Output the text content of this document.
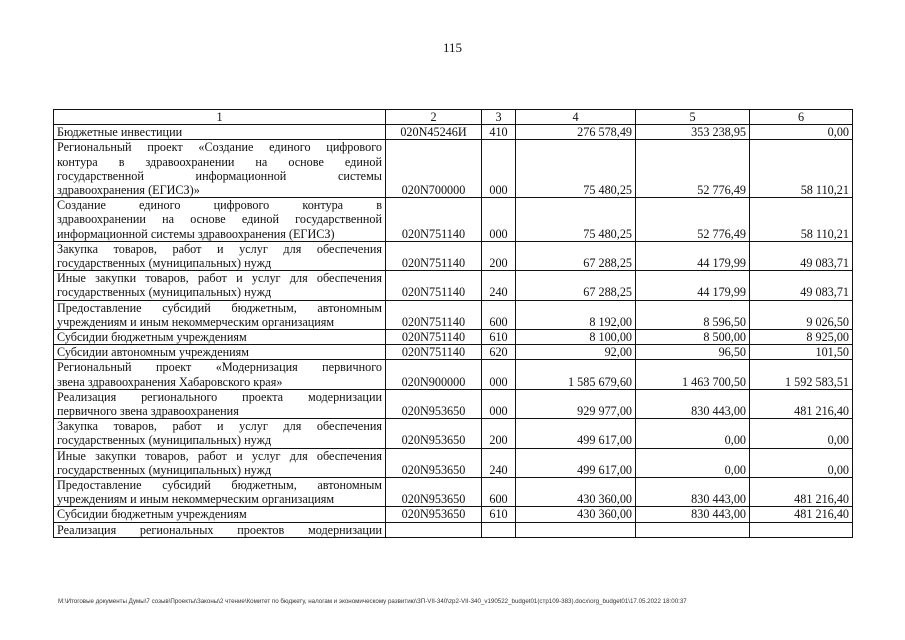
115
1	2	3	4	5	6

Бюджетные инвестиции	020N45246И	410	276 578,49	353 238,95	0,00

Региональный проект «Создание единого цифрового
контура в здравоохранении на основе единой
государственной информационной системы
здравоохранения (ЕГИСЗ)»	020N700000	000	75 480,25	52 776,49	58 110,21

Создание единого цифрового контура в
здравоохранении на основе единой государственной
информационной системы здравоохранения (ЕГИСЗ)	020N751140	000	75 480,25	52 776,49	58 110,21

Закупка товаров, работ и услуг для обеспечения
государственных (муниципальных) нужд	020N751140	200	67 288,25	44 179,99	49 083,71

Иные закупки товаров, работ и услуг для обеспечения
государственных (муниципальных) нужд	020N751140	240	67 288,25	44 179,99	49 083,71

Предоставление субсидий бюджетным, автономным
учреждениям и иным некоммерческим организациям	020N751140	600	8 192,00	8 596,50	9 026,50

Субсидии бюджетным учреждениям	020N751140	610	8 100,00	8 500,00	8 925,00

Субсидии автономным учреждениям	020N751140	620	92,00	96,50	101,50

Региональный проект «Модернизация первичного
звена здравоохранения Хабаровского края»	020N900000	000	1 585 679,60	1 463 700,50	1 592 583,51

Реализация регионального проекта модернизации
первичного звена здравоохранения	020N953650	000	929 977,00	830 443,00	481 216,40

Закупка товаров, работ и услуг для обеспечения
государственных (муниципальных) нужд	020N953650	200	499 617,00	0,00	0,00

Иные закупки товаров, работ и услуг для обеспечения
государственных (муниципальных) нужд	020N953650	240	499 617,00	0,00	0,00

Предоставление субсидий бюджетным, автономным
учреждениям и иным некоммерческим организациям	020N953650	600	430 360,00	830 443,00	481 216,40

Субсидии бюджетным учреждениям	020N953650	610	430 360,00	830 443,00	481 216,40

Реализация региональных проектов модернизации					

M:\Итоговые документы Думы\7 созыв\Проекты\Законы\2 чтение\Комитет по бюджету, налогам и экономическому развитию\ЗП-VII-340\zp2-VII-340_v190522_budget01(стр109-383).docx\org_budget01\17.05.2022 18:00:37
